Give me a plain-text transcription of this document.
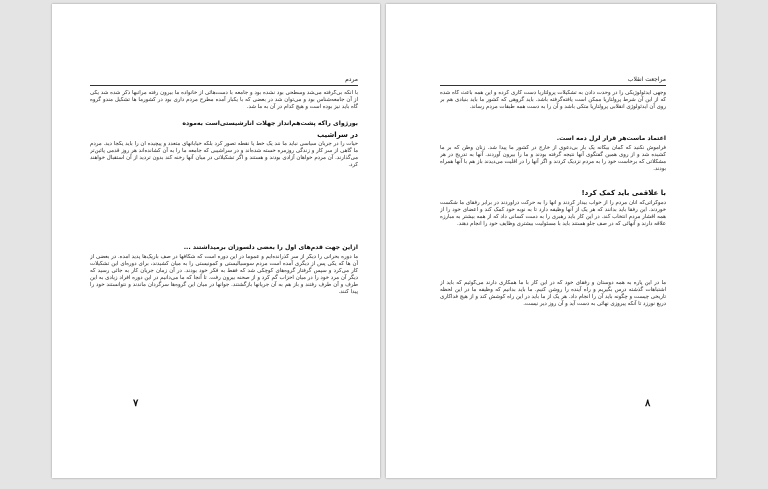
مردم
با آنکه بی‌گرفته می‌شد وسطحی بود نشده بود و جامعه با دست‌هائی از خانواده ما بیرون رفته مراتبها ذکر شده شد یکی از آن جامعه‌شناس بود و می‌توان شد در بعضی که با یکبار آمده مطرح مردم داری بود در کشورما ها تشکیل مندو گروه گاه باید نیز بوده است و هیچ کدام در آن به ما شد.
بورژوای راکه پشت‌هم‌انداز جهلات آنارشیستی‌است به‌موده
در سراشیب
حیات را در جریان سیاسی نباید ما نند یک خط یا نقطه تصور کرد بلکه خیابانهای متعدد و پیچیده آن را باید یکجا دید. مردم ما گاهی از سر کار و زندگی روزمره خسته شده‌اند و در سراشیبی که جامعه ما را به آن کشانده‌اند هر روز قدمی پائین‌تر می‌گذارند. آن مردم خواهان آزادی بودند و هستند و اگر تشکیلاتی در میان آنها رخنه کند بدون تردید از آن استقبال خواهند کرد.
ازاین جهت قدم‌های اول را بعضی دلسوزان برمیداشتند ...
ما دوره بحرانی را دیگر از سر گذرانده‌ایم و عموماً در این دوره است که شکافها در صف باریک‌ها پدید آمده. در بعضی از آن ها که یکی پس از دیگری آمده است مردم سوسیالیستی و کمونیستی را به میان کشیدند، برای دوره‌ای این تشکیلات کار می‌کرد و سپس گرفتار گروه‌های کوچکی شد که فقط به فکر خود بودند. در آن زمان جریان کار به جائی رسید که دیگر آن مرد خود را در میان احزاب گم کرد و از صحنه بیرون رفت. تا آنجا که ما می‌دانیم در این دوره افراد زیادی به این طرف و آن طرف رفتند و باز هم به آن جریانها بازگشتند. جوانها در میان این گروه‌ها سرگردان ماندند و نتوانستند خود را پیدا کنند.
۷
مراجعت انقلاب
وجهی ایدئولوژیکی را در وحدت دادن به تشکیلات پرولتاریا دست کاری کرده و این همه باعث گاه شده که از این آن شرط پرولتاریا ممکن است یافته‌گرفته باشد. باید گروهی که کشور ما باید بنیادی هم بر روی آن ایدئولوژی انقلابی پرولتاریا متکی باشد و آن را به دست همه طبقات مردم رساند.
اعتماد ماست‌هر قرار لرل‌ دمه است.
فراموش نکنید که گمان بیگانه یک بار بی‌دعوی از خارج در کشور ما پیدا شد. زنان وطن که بر ما کشیده شد و از روی همین گفتگوی آنها نتیجه گرفته بودند و ما را بیرون آوردند. آنها به تدریج در هر مشکلاتی که برخاست خود را به مردم نزدیک کردند و اگر آنها را در اقلیت می‌دیدند باز هم با آنها همراه بودند.
با علاقمی باید کمک کرد!
دموکراتی‌که آنان مردم را از خواب بیدار کردند و آنها را به حرکت درآوردند در برابر رفقای ما شکست خوردند. این رفقا باید بدانند که هر یک از آنها وظیفه دارد تا به نوبه خود کمک کند و اعضای خود را از همه اقشار مردم انتخاب کند. در این کار باید رهبری را به دست کسانی داد که از همه بیشتر به مبارزه علاقه دارند و آنهائی که در صف جلو هستند باید با مسئولیت بیشتری وظایف خود را انجام دهند.
ما در این پاره به همه دوستان و رفقای خود که در این کار با ما همکاری دارند می‌گوئیم که باید از اشتباهات گذشته درس بگیریم و راه آینده را روشن کنیم. ما باید بدانیم که وظیفه ما در این لحظه تاریخی چیست و چگونه باید آن را انجام داد. هر یک از ما باید در این راه کوشش کند و از هیچ فداکاری دریغ نورزد تا آنکه پیروزی نهائی به دست آید و آن روز دیر نیست.
۸
